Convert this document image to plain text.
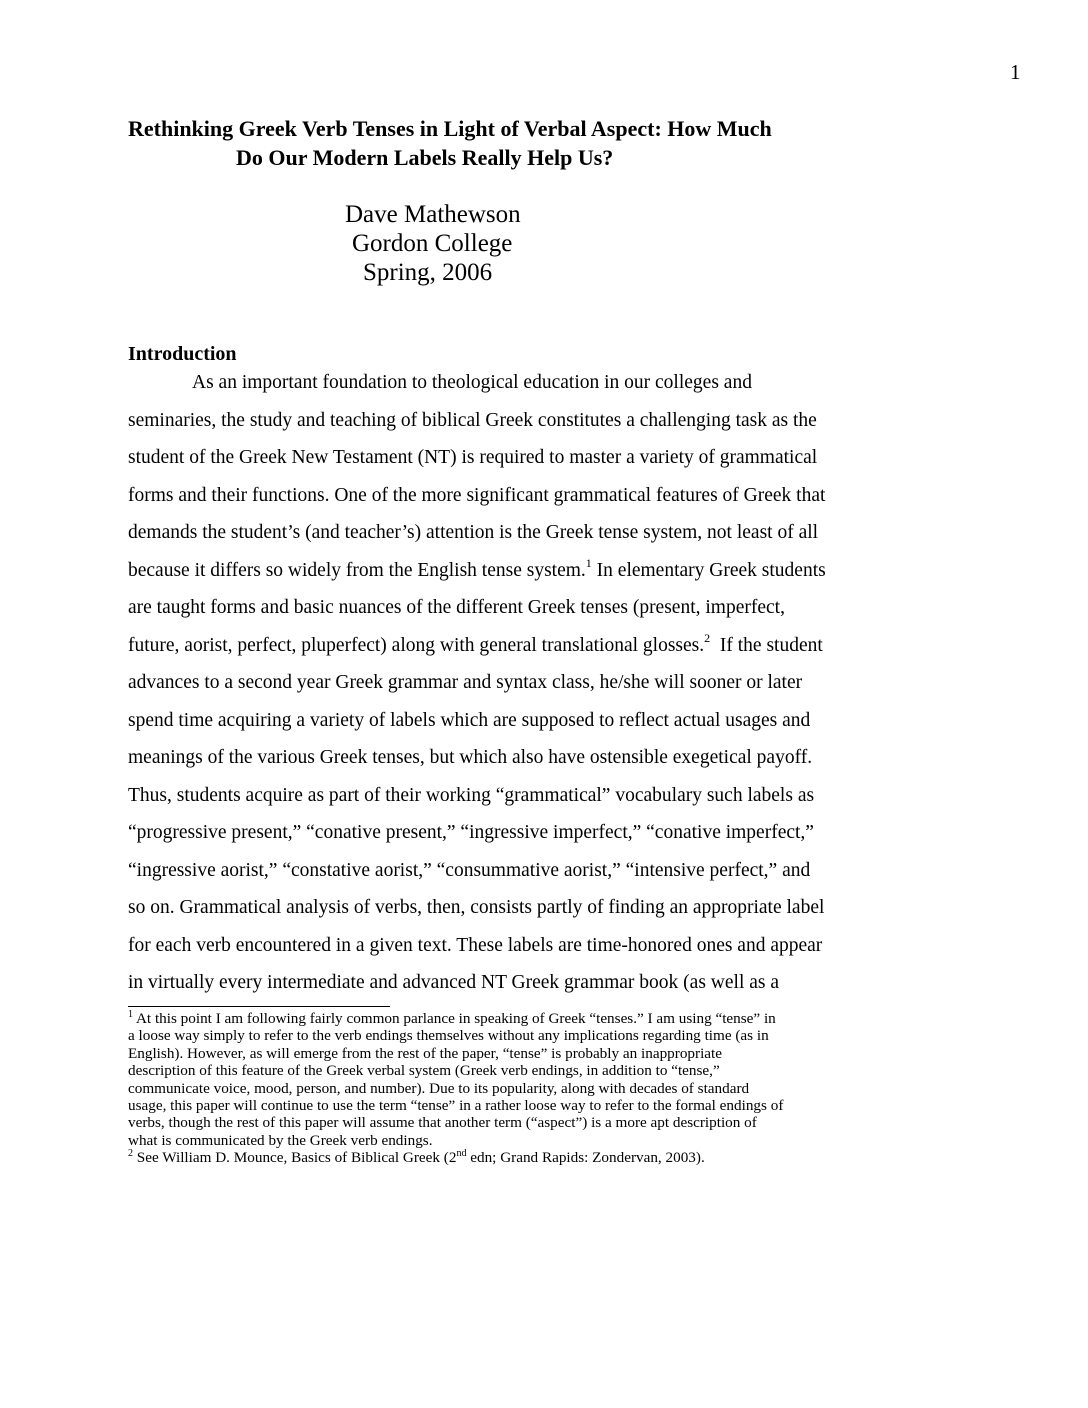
1
Rethinking Greek Verb Tenses in Light of Verbal Aspect: How Much
Do Our Modern Labels Really Help Us?
Dave Mathewson
Gordon College
Spring, 2006
Introduction
As an important foundation to theological education in our colleges and
seminaries, the study and teaching of biblical Greek constitutes a challenging task as the
student of the Greek New Testament (NT) is required to master a variety of grammatical
forms and their functions. One of the more significant grammatical features of Greek that
demands the student’s (and teacher’s) attention is the Greek tense system, not least of all
because it differs so widely from the English tense system.$^1$ In elementary Greek students
are taught forms and basic nuances of the different Greek tenses (present, imperfect,
future, aorist, perfect, pluperfect) along with general translational glosses.$^2$  If the student
advances to a second year Greek grammar and syntax class, he/she will sooner or later
spend time acquiring a variety of labels which are supposed to reflect actual usages and
meanings of the various Greek tenses, but which also have ostensible exegetical payoff.
Thus, students acquire as part of their working “grammatical” vocabulary such labels as
“progressive present,” “conative present,” “ingressive imperfect,” “conative imperfect,”
“ingressive aorist,” “constative aorist,” “consummative aorist,” “intensive perfect,” and
so on. Grammatical analysis of verbs, then, consists partly of finding an appropriate label
for each verb encountered in a given text. These labels are time-honored ones and appear
in virtually every intermediate and advanced NT Greek grammar book (as well as a
$^1$ At this point I am following fairly common parlance in speaking of Greek “tenses.” I am using “tense” in
a loose way simply to refer to the verb endings themselves without any implications regarding time (as in
English). However, as will emerge from the rest of the paper, “tense” is probably an inappropriate
description of this feature of the Greek verbal system (Greek verb endings, in addition to “tense,”
communicate voice, mood, person, and number). Due to its popularity, along with decades of standard
usage, this paper will continue to use the term “tense” in a rather loose way to refer to the formal endings of
verbs, though the rest of this paper will assume that another term (“aspect”) is a more apt description of
what is communicated by the Greek verb endings.
$^2$ See William D. Mounce, Basics of Biblical Greek (2nd edn; Grand Rapids: Zondervan, 2003).
